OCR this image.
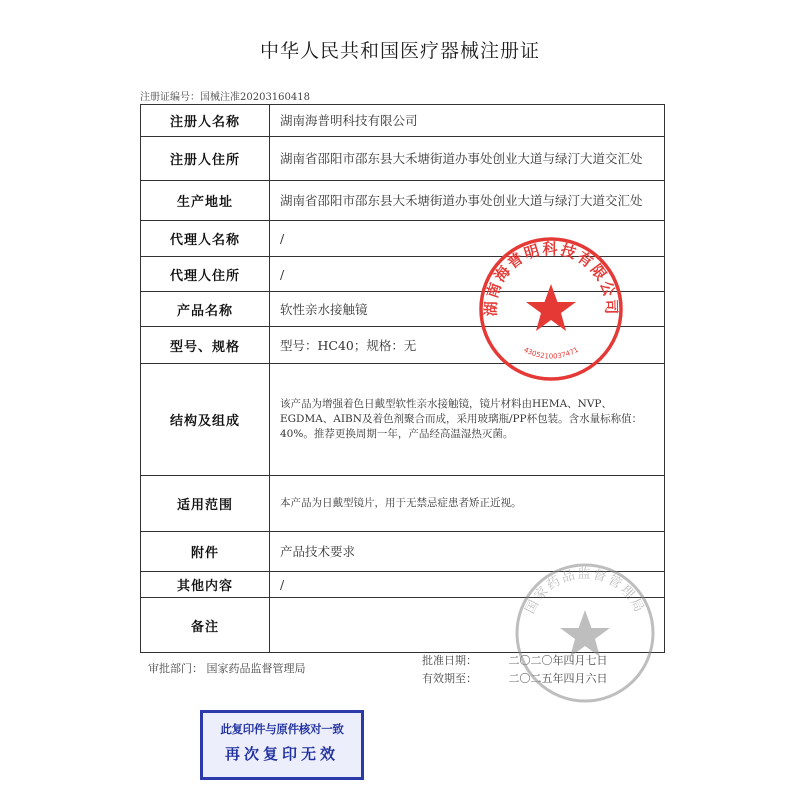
中华人民共和国医疗器械注册证
注册证编号：国械注准20203160418
注册人名称	湖南海普明科技有限公司
注册人住所	湖南省邵阳市邵东县大禾塘街道办事处创业大道与绿汀大道交汇处
生产地址	湖南省邵阳市邵东县大禾塘街道办事处创业大道与绿汀大道交汇处
代理人名称	/
代理人住所	/
产品名称	软性亲水接触镜
型号、规格	型号：HC40；规格：无
结构及组成	该产品为增强着色日戴型软性亲水接触镜，镜片材料由HEMA、NVP、EGDMA、AIBN及着色剂聚合而成，采用玻璃瓶/PP杯包装。含水量标称值：40%。推荐更换周期一年，产品经高温湿热灭菌。
适用范围	本产品为日戴型镜片，用于无禁忌症患者矫正近视。
附件	产品技术要求
其他内容	/
备注	
审批部门： 国家药品监督管理局
批准日期：	二〇二〇年四月七日
有效期至：	二〇二五年四月六日
湖南海普明科技有限公司
4305210037471
国家药品监督管理局
此复印件与原件核对一致
再次复印无效
